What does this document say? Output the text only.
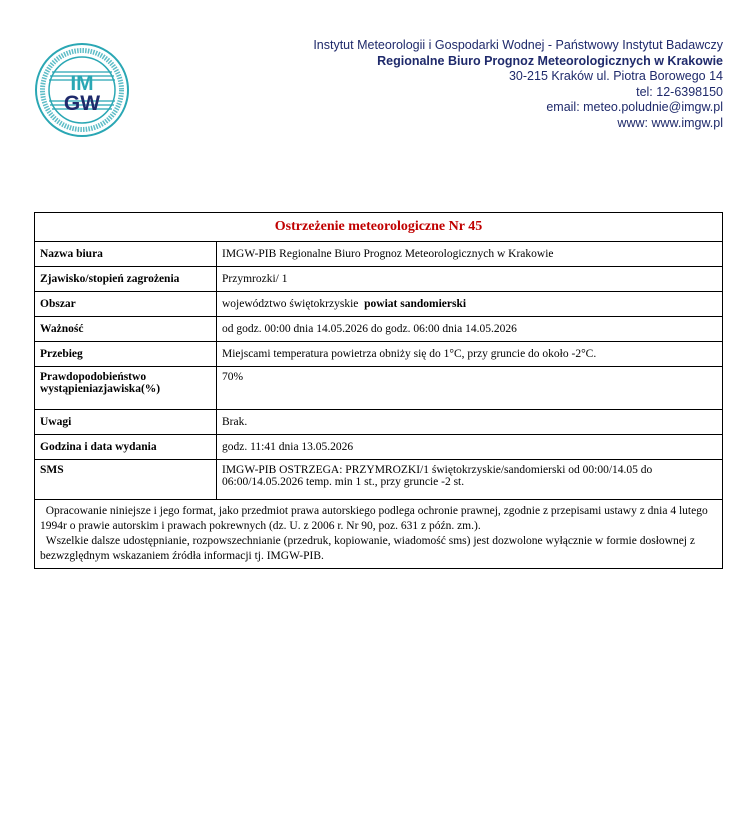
IM
GW
Instytut Meteorologii i Gospodarki Wodnej - Państwowy Instytut Badawczy
Regionalne Biuro Prognoz Meteorologicznych w Krakowie
30-215 Kraków ul. Piotra Borowego 14
tel: 12-6398150
email: meteo.poludnie@imgw.pl
www: www.imgw.pl
Ostrzeżenie meteorologiczne Nr 45	
Nazwa biura	IMGW-PIB Regionalne Biuro Prognoz Meteorologicznych w Krakowie
Zjawisko/stopień zagrożenia	Przymrozki/ 1
Obszar	województwo świętokrzyskie powiat sandomierski
Ważność	od godz. 00:00 dnia 14.05.2026 do godz. 06:00 dnia 14.05.2026
Przebieg	Miejscami temperatura powietrza obniży się do 1°C, przy gruncie do około -2°C.
Prawdopodobieństwo wystąpieniazjawiska(%)	70%
Uwagi	Brak.
Godzina i data wydania	godz. 11:41 dnia 13.05.2026
SMS	IMGW-PIB OSTRZEGA: PRZYMROZKI/1 świętokrzyskie/sandomierski od 00:00/14.05 do 06:00/14.05.2026 temp. min 1 st., przy gruncie -2 st.

Opracowanie niniejsze i jego format, jako przedmiot prawa autorskiego podlega ochronie prawnej, zgodnie z przepisami ustawy z dnia 4 lutego 1994r o prawie autorskim i prawach pokrewnych (dz. U. z 2006 r. Nr 90, poz. 631 z późn. zm.).

Wszelkie dalsze udostępnianie, rozpowszechnianie (przedruk, kopiowanie, wiadomość sms) jest dozwolone wyłącznie w formie dosłownej z bezwzględnym wskazaniem źródła informacji tj. IMGW-PIB.	
